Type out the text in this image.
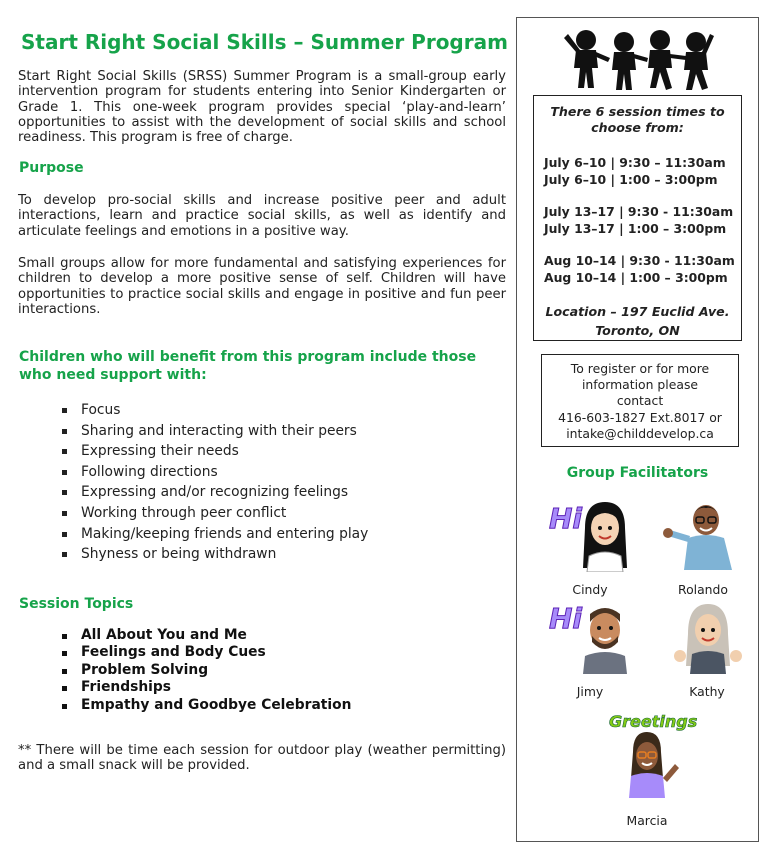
Start Right Social Skills – Summer Program

Start Right Social Skills (SRSS) Summer Program is a small-group early intervention program for students entering into Senior Kindergarten or Grade 1. This one-week program provides special ‘play-and-learn’ opportunities to assist with the development of social skills and school readiness. This program is free of charge.

Purpose

To develop pro-social skills and increase positive peer and adult interactions, learn and practice social skills, as well as identify and articulate feelings and emotions in a positive way.

Small groups allow for more fundamental and satisfying experiences for children to develop a more positive sense of self. Children will have opportunities to practice social skills and engage in positive and fun peer interactions.

Children who will benefit from this program include those who need support with:
Focus
Sharing and interacting with their peers
Expressing their needs
Following directions
Expressing and/or recognizing feelings
Working through peer conflict
Making/keeping friends and entering play
Shyness or being withdrawn
Session Topics
All About You and Me
Feelings and Body Cues
Problem Solving
Friendships
Empathy and Goodbye Celebration

** There will be time each session for outdoor play (weather permitting) and a small snack will be provided.

There 6 session times to choose from:
July 6–10 | 9:30 – 11:30am
July 6–10 | 1:00 – 3:00pm
July 13–17 | 9:30 - 11:30am
July 13–17 | 1:00 – 3:00pm
Aug 10–14 | 9:30 - 11:30am
Aug 10–14 | 1:00 – 3:00pm
Location – 197 Euclid Ave.
Toronto, ON
To register or for more
information please
contact
416-603-1827 Ext.8017 or
intake@childdevelop.ca
Group Facilitators
Hi
Cindy	Rolando
Hi
Jimy	Kathy
Greetings
Marcia
